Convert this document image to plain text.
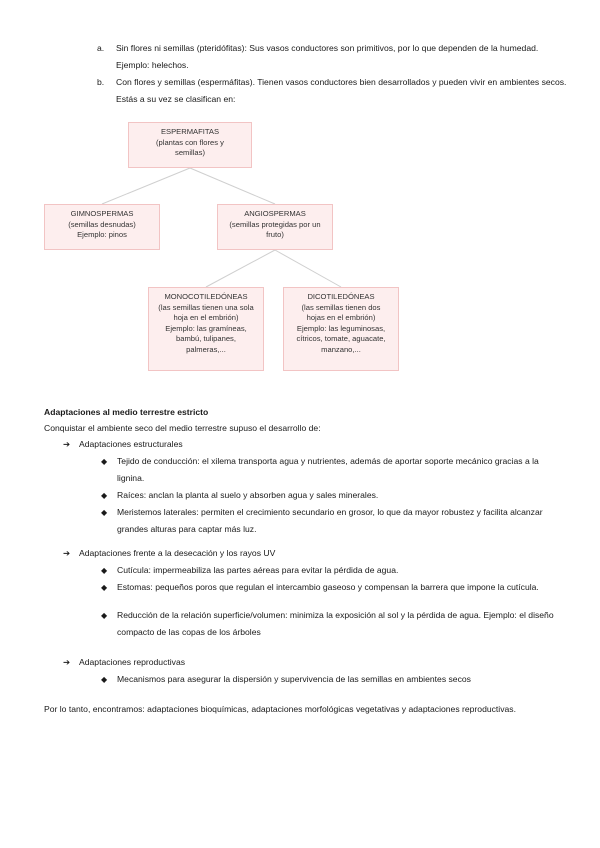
a.	Sin flores ni semillas (pteridófitas): Sus vasos conductores son primitivos, por lo que dependen de la humedad. Ejemplo: helechos.
b.	Con flores y semillas (espermáfitas). Tienen vasos conductores bien desarrollados y pueden vivir en ambientes secos. Estás a su vez se clasifican en:
ESPERMAFITAS
(plantas con flores y
semillas)
GIMNOSPERMAS
(semillas desnudas)
Ejemplo: pinos
ANGIOSPERMAS
(semillas protegidas por un
fruto)
MONOCOTILEDÓNEAS
(las semillas tienen una sola
hoja en el embrión)
Ejemplo: las gramíneas,
bambú, tulipanes,
palmeras,...
DICOTILEDÓNEAS
(las semillas tienen dos
hojas en el embrión)
Ejemplo: las leguminosas,
cítricos, tomate, aguacate,
manzano,...
Adaptaciones al medio terrestre estricto
Conquistar el ambiente seco del medio terrestre supuso el desarrollo de:
➔ Adaptaciones estructurales
◆ Tejido de conducción: el xilema transporta agua y nutrientes, además de aportar soporte mecánico gracias a la lignina.
◆ Raíces: anclan la planta al suelo y absorben agua y sales minerales.
◆ Meristemos laterales: permiten el crecimiento secundario en grosor, lo que da mayor robustez y facilita alcanzar grandes alturas para captar más luz.
➔ Adaptaciones frente a la desecación y los rayos UV
◆ Cutícula: impermeabiliza las partes aéreas para evitar la pérdida de agua.
◆ Estomas: pequeños poros que regulan el intercambio gaseoso y compensan la barrera que impone la cutícula.
◆ Reducción de la relación superficie/volumen: minimiza la exposición al sol y la pérdida de agua. Ejemplo: el diseño compacto de las copas de los árboles
➔ Adaptaciones reproductivas
◆ Mecanismos para asegurar la dispersión y supervivencia de las semillas en ambientes secos
Por lo tanto, encontramos: adaptaciones bioquímicas, adaptaciones morfológicas vegetativas y adaptaciones reproductivas.
